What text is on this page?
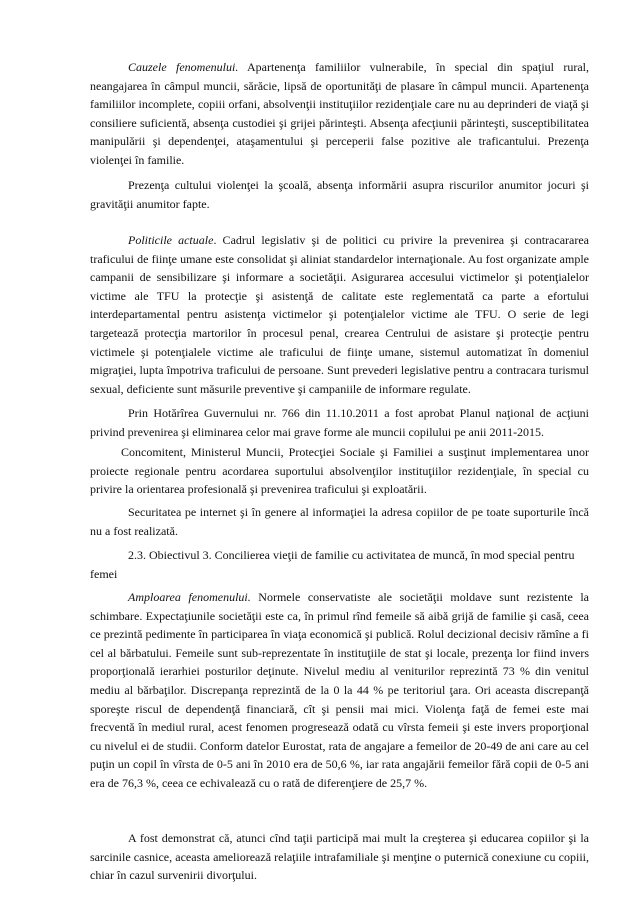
Cauzele fenomenului. Apartenenţa familiilor vulnerabile, în special din spaţiul rural, neangajarea în câmpul muncii, sărăcie, lipsă de oportunităţi de plasare în câmpul muncii. Apartenenţa familiilor incomplete, copiii orfani, absolvenţii instituţiilor rezidenţiale care nu au deprinderi de viaţă şi consiliere suficientă, absenţa custodiei şi grijei părinteşti. Absenţa afecţiunii părinteşti, susceptibilitatea manipulării şi dependenţei, ataşamentului şi perceperii false pozitive ale traficantului. Prezenţa violenţei în familie.

Prezenţa cultului violenţei la şcoală, absenţa informării asupra riscurilor anumitor jocuri şi gravităţii anumitor fapte.

Politicile actuale. Cadrul legislativ şi de politici cu privire la prevenirea şi contracararea traficului de fiinţe umane este consolidat şi aliniat standardelor internaţionale. Au fost organizate ample campanii de sensibilizare şi informare a societăţii. Asigurarea accesului victimelor şi potenţialelor victime ale TFU la protecţie şi asistenţă de calitate este reglementată ca parte a efortului interdepartamental pentru asistenţa victimelor şi potenţialelor victime ale TFU. O serie de legi targetează protecţia martorilor în procesul penal, crearea Centrului de asistare şi protecţie pentru victimele şi potenţialele victime ale traficului de fiinţe umane, sistemul automatizat în domeniul migraţiei, lupta împotriva traficului de persoane. Sunt prevederi legislative pentru a contracara turismul sexual, deficiente sunt măsurile preventive şi campaniile de informare regulate.

Prin Hotărîrea Guvernului nr. 766 din 11.10.2011 a fost aprobat Planul naţional de acţiuni privind prevenirea şi eliminarea celor mai grave forme ale muncii copilului pe anii 2011-2015.

Concomitent, Ministerul Muncii, Protecţiei Sociale şi Familiei a susţinut implementarea unor proiecte regionale pentru acordarea suportului absolvenţilor instituţiilor rezidenţiale, în special cu privire la orientarea profesională şi prevenirea traficului şi exploatării.

Securitatea pe internet şi în genere al informaţiei la adresa copiilor de pe toate suporturile încă nu a fost realizată.

2.3. Obiectivul 3. Concilierea vieţii de familie cu activitatea de muncă, în mod special pentru femei

Amploarea fenomenului. Normele conservatiste ale societăţii moldave sunt rezistente la schimbare. Expectaţiunile societăţii este ca, în primul rînd femeile să aibă grijă de familie şi casă, ceea ce prezintă pedimente în participarea în viaţa economică şi publică. Rolul decizional decisiv rămîne a fi cel al bărbatului. Femeile sunt sub-reprezentate în instituţiile de stat şi locale, prezenţa lor fiind invers proporţională ierarhiei posturilor deţinute. Nivelul mediu al veniturilor reprezintă 73 % din venitul mediu al bărbaţilor. Discrepanţa reprezintă de la 0 la 44 % pe teritoriul ţara. Ori aceasta discrepanţă sporeşte riscul de dependenţă financiară, cît şi pensii mai mici. Violenţa faţă de femei este mai frecventă în mediul rural, acest fenomen progresează odată cu vîrsta femeii şi este invers proporţional cu nivelul ei de studii. Conform datelor Eurostat, rata de angajare a femeilor de 20-49 de ani care au cel puţin un copil în vîrsta de 0-5 ani în 2010 era de 50,6 %, iar rata angajării femeilor fără copii de 0-5 ani era de 76,3 %, ceea ce echivalează cu o rată de diferenţiere de 25,7 %.

A fost demonstrat că, atunci cînd taţii participă mai mult la creşterea şi educarea copiilor şi la sarcinile casnice, aceasta ameliorează relaţiile intrafamiliale şi menţine o puternică conexiune cu copiii, chiar în cazul survenirii divorţului.
